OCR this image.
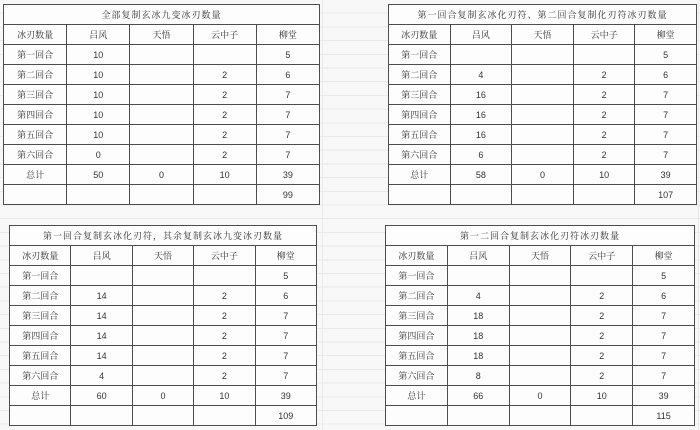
全部复制玄冰九变冰刃数量				
冰刃数量	吕风	天悟	云中子	柳堂
第一回合	10			5
第二回合	10		2	6
第三回合	10		2	7
第四回合	10		2	7
第五回合	10		2	7
第六回合	0		2	7
总计	50	0	10	39
				99
第一回合复制玄冰化刃符、第二回合复制化刃符冰刃数量				
冰刃数量	吕风	天悟	云中子	柳堂
第一回合				5
第二回合	4		2	6
第三回合	16		2	7
第四回合	16		2	7
第五回合	16		2	7
第六回合	6		2	7
总计	58	0	10	39
				107
第一回合复制玄冰化刃符，其余复制玄冰九变冰刃数量				
冰刃数量	吕风	天悟	云中子	柳堂
第一回合				5
第二回合	14		2	6
第三回合	14		2	7
第四回合	14		2	7
第五回合	14		2	7
第六回合	4		2	7
总计	60	0	10	39
				109
第一二回合复制玄冰化刃符冰刃数量				
冰刃数量	吕风	天悟	云中子	柳堂
第一回合				5
第二回合	4		2	6
第三回合	18		2	7
第四回合	18		2	7
第五回合	18		2	7
第六回合	8		2	7
总计	66	0	10	39
				115
